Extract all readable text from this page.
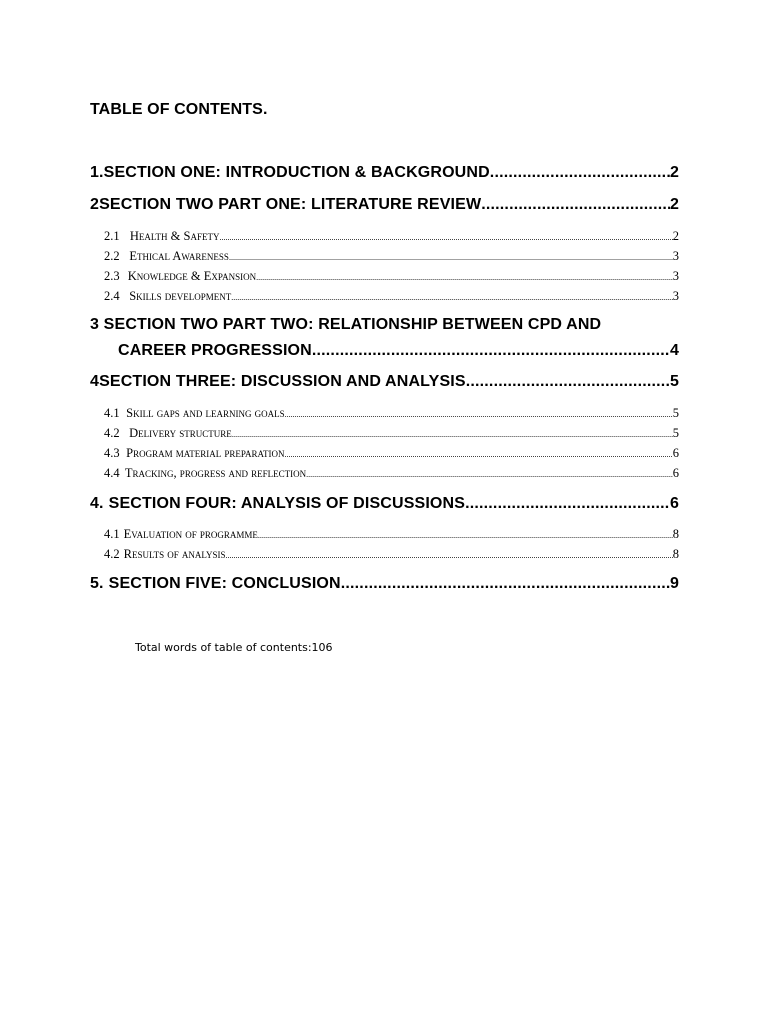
TABLE OF CONTENTS.
1. SECTION ONE: INTRODUCTION & BACKGROUND .....	2
2 SECTION TWO PART ONE: LITERATURE REVIEW .....	2
2.1 Health & Safety .....	2
2.2 Ethical Awareness .....	3
2.3 Knowledge & Expansion .....	3
2.4 Skills development .....	3
3 SECTION TWO PART TWO: RELATIONSHIP BETWEEN CPD AND
CAREER PROGRESSION .....	4
4 SECTION THREE: DISCUSSION AND ANALYSIS .....	5
4.1 Skill gaps and learning goals .....	5
4.2 Delivery structure .....	5
4.3 Program material preparation .....	6
4.4 Tracking, progress and reflection .....	6
4. SECTION FOUR: ANALYSIS OF DISCUSSIONS .....	6
4.1 Evaluation of programme .....	8
4.2 Results of analysis .....	8
5. SECTION FIVE: CONCLUSION .....	9
Total words of table of contents:106
